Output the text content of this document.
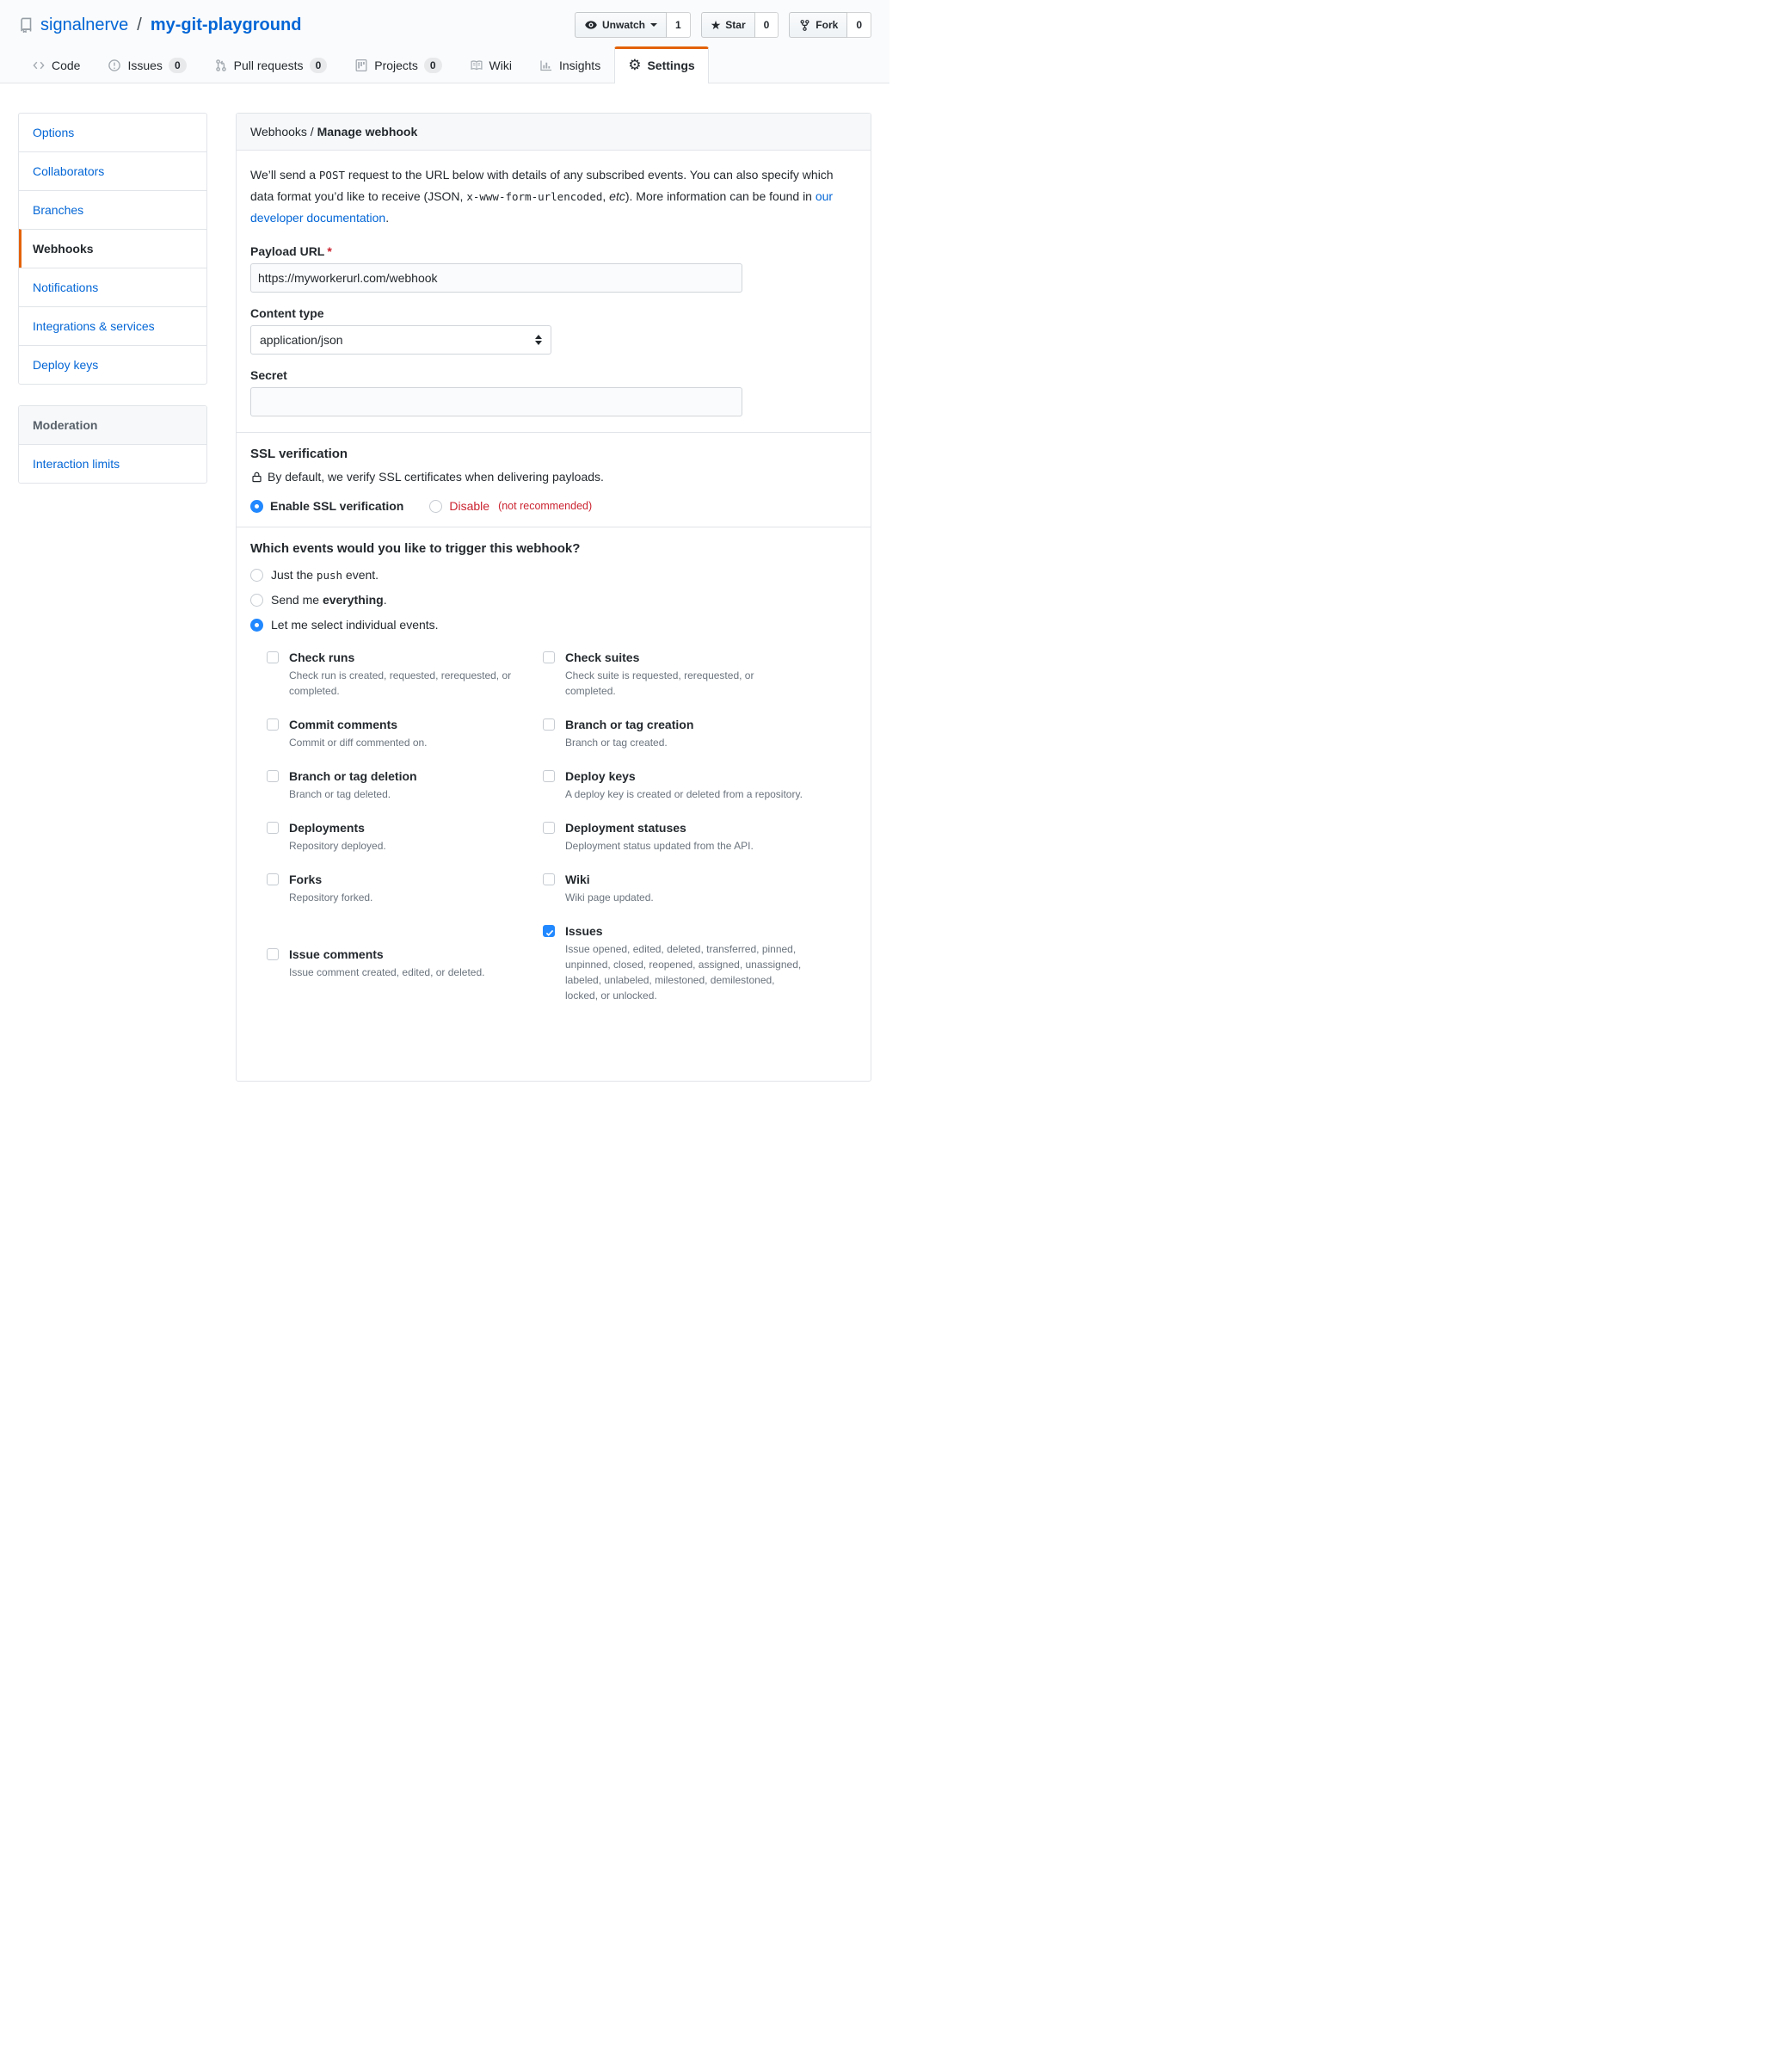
signalnerve / my-git-playground	Unwatch	1	★ Star	0	Fork	0
Code	Issues	0	Pull requests	0	Projects	0	Wiki	Insights ⚙ Settings
Options
Collaborators
Branches
Webhooks
Notifications
Integrations & services
Deploy keys
Moderation
Interaction limits
Webhooks / Manage webhook

We’ll send a POST request to the URL below with details of any subscribed events. You can also specify which data format you’d like to receive (JSON, x-www-form-urlencoded, etc). More information can be found in our developer documentation.

Payload URL *
https://myworkerurl.com/webhook
Content type
application/json
Secret
SSL verification

By default, we verify SSL certificates when delivering payloads.

Enable SSL verification	Disable (not recommended)
Which events would you like to trigger this webhook?
Just the push event.
Send me everything.
Let me select individual events.
Check runs
Check run is created, requested, rerequested, or completed.
Check suites
Check suite is requested, rerequested, or completed.
Commit comments
Commit or diff commented on.
Branch or tag creation
Branch or tag created.
Branch or tag deletion
Branch or tag deleted.
Deploy keys
A deploy key is created or deleted from a repository.
Deployments
Repository deployed.
Deployment statuses
Deployment status updated from the API.
Forks
Repository forked.
Wiki
Wiki page updated.
Issue comments
Issue comment created, edited, or deleted.
Issues
Issue opened, edited, deleted, transferred, pinned, unpinned, closed, reopened, assigned, unassigned, labeled, unlabeled, milestoned, demilestoned, locked, or unlocked.
